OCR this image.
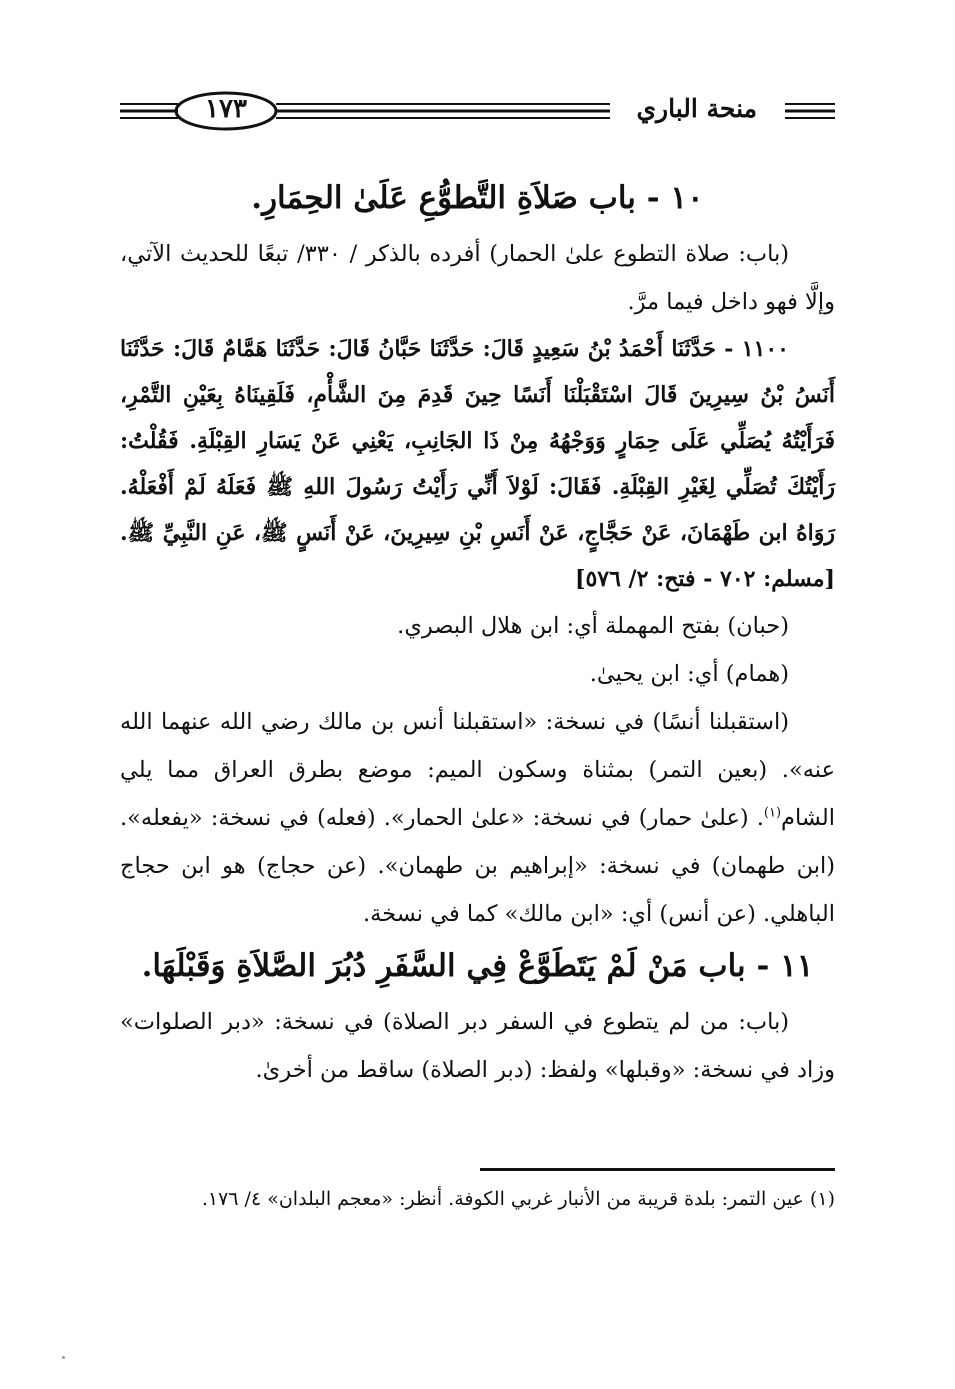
منحة الباري
١٧٣
١٠ - باب صَلاَةِ التَّطوُّعِ عَلَىٰ الحِمَارِ.

(باب: صلاة التطوع علىٰ الحمار) أفرده بالذكر / ٣٣٠/ تبعًا للحديث الآتي، وإلَّا فهو داخل فيما مرَّ.

١١٠٠ - حَدَّثَنَا أَحْمَدُ بْنُ سَعِيدٍ قَالَ: حَدَّثَنَا حَبَّانُ قَالَ: حَدَّثَنَا هَمَّامٌ قَالَ: حَدَّثَنَا أَنَسُ بْنُ سِيرِينَ قَالَ اسْتَقْبَلْنَا أَنَسًا حِينَ قَدِمَ مِنَ الشَّأْمِ، فَلَقِينَاهُ بِعَيْنِ التَّمْرِ، فَرَأَيْتُهُ يُصَلِّي عَلَى حِمَارٍ وَوَجْهُهُ مِنْ ذَا الجَانِبِ، يَعْنِي عَنْ يَسَارِ القِبْلَةِ. فَقُلْتُ: رَأَيْتُكَ تُصَلِّي لِغَيْرِ القِبْلَةِ. فَقَالَ: لَوْلاَ أَنِّي رَأَيْتُ رَسُولَ اللهِ ﷺ فَعَلَهُ لَمْ أَفْعَلْهُ. رَوَاهُ ابن طَهْمَانَ، عَنْ حَجَّاجٍ، عَنْ أَنَسِ بْنِ سِيرِينَ، عَنْ أَنَسٍ ﷺ، عَنِ النَّبِيِّ ﷺ. [مسلم: ٧٠٢ - فتح: ٢/ ٥٧٦]

(حبان) بفتح المهملة أي: ابن هلال البصري.

(همام) أي: ابن يحيىٰ.

(استقبلنا أنسًا) في نسخة: «استقبلنا أنس بن مالك رضي الله عنهما الله عنه». (بعين التمر) بمثناة وسكون الميم: موضع بطرق العراق مما يلي الشام$^{(١)}$. (علىٰ حمار) في نسخة: «علىٰ الحمار». (فعله) في نسخة: «يفعله». (ابن طهمان) في نسخة: «إبراهيم بن طهمان». (عن حجاج) هو ابن حجاج الباهلي. (عن أنس) أي: «ابن مالك» كما في نسخة.

١١ - باب مَنْ لَمْ يَتَطَوَّعْ فِي السَّفَرِ دُبُرَ الصَّلاَةِ وَقَبْلَهَا.

(باب: من لم يتطوع في السفر دبر الصلاة) في نسخة: «دبر الصلوات» وزاد في نسخة: «وقبلها» ولفظ: (دبر الصلاة) ساقط من أخرىٰ.

(١) عين التمر: بلدة قريبة من الأنبار غربي الكوفة. أنظر: «معجم البلدان» ٤/ ١٧٦.
